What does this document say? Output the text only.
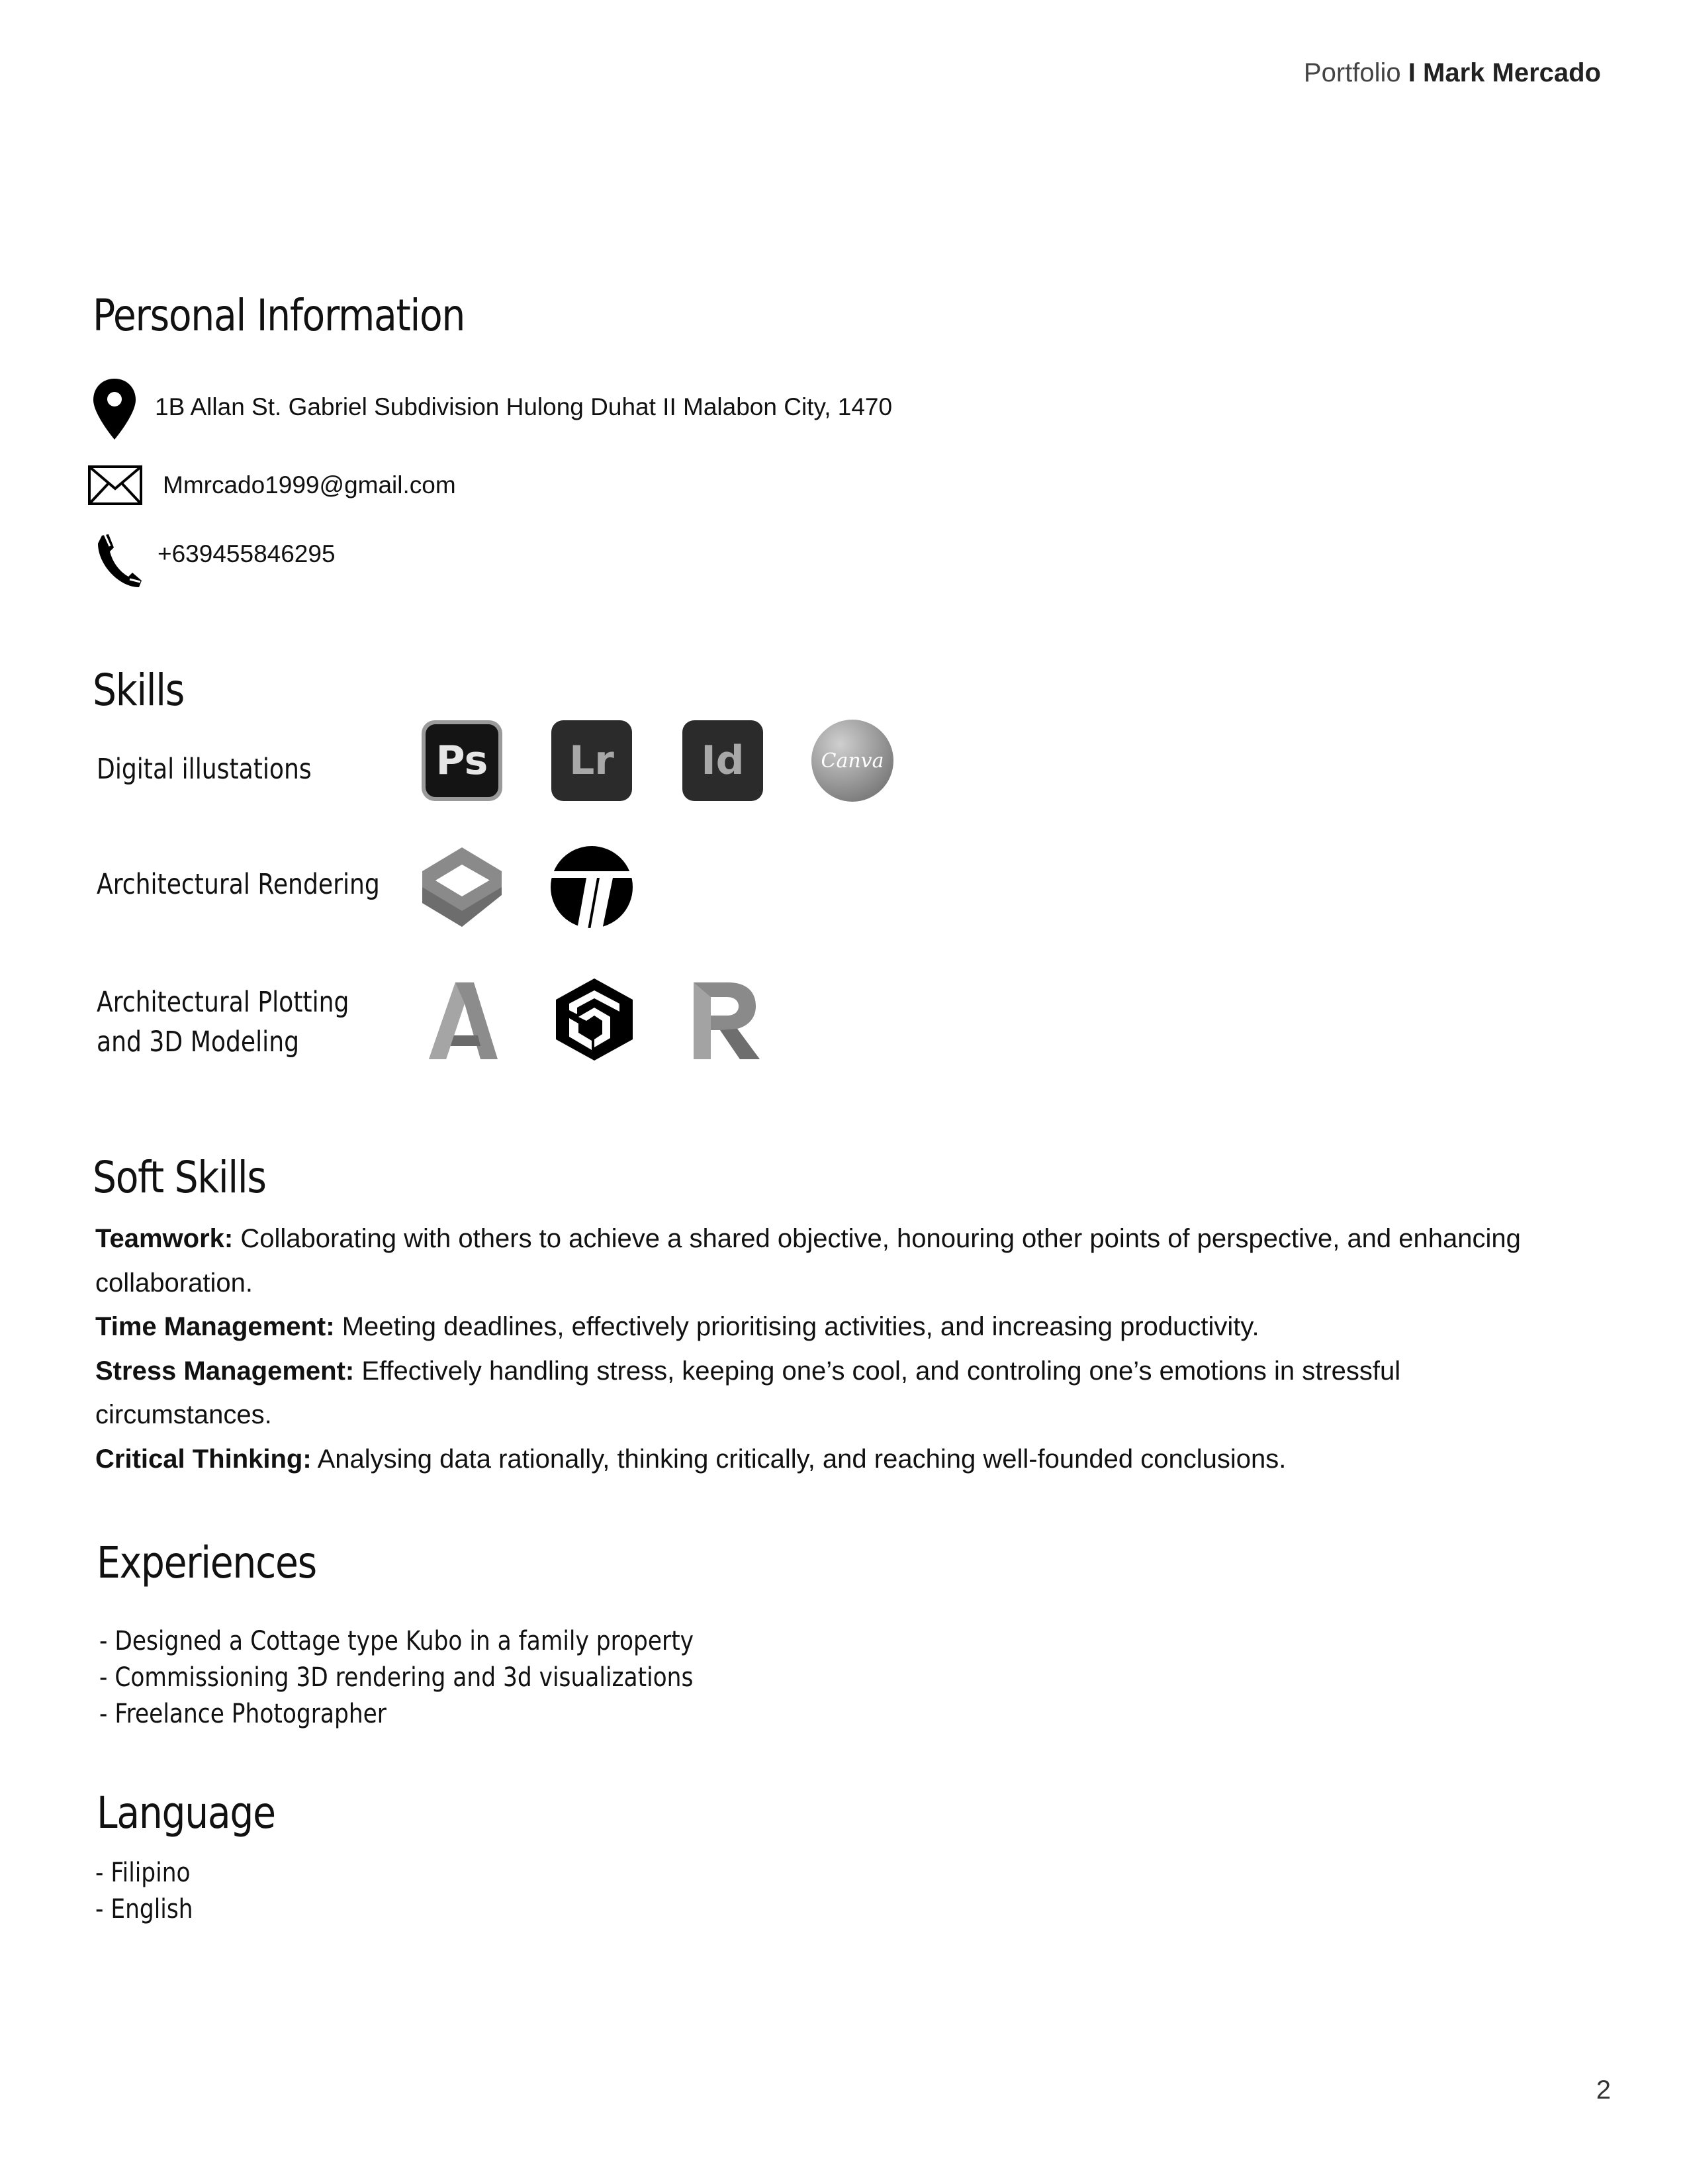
Portfolio I Mark Mercado
Personal Information
1B Allan St. Gabriel Subdivision Hulong Duhat II Malabon City, 1470
Mmrcado1999@gmail.com
+639455846295
Skills
Digital illustations
Architectural Rendering
Architectural Plotting
and 3D Modeling
Ps Lr Id	Canva
Soft Skills

Teamwork: Collaborating with others to achieve a shared objective, honouring other points of perspective, and enhancing collaboration.

Time Management: Meeting deadlines, effectively prioritising activities, and increasing productivity.

Stress Management: Effectively handling stress, keeping one’s cool, and controling one’s emotions in stressful circumstances.

Critical Thinking: Analysing data rationally, thinking critically, and reaching well-founded conclusions.

Experiences
- Designed a Cottage type Kubo in a family property
- Commissioning 3D rendering and 3d visualizations
- Freelance Photographer
Language
- Filipino
- English
2
